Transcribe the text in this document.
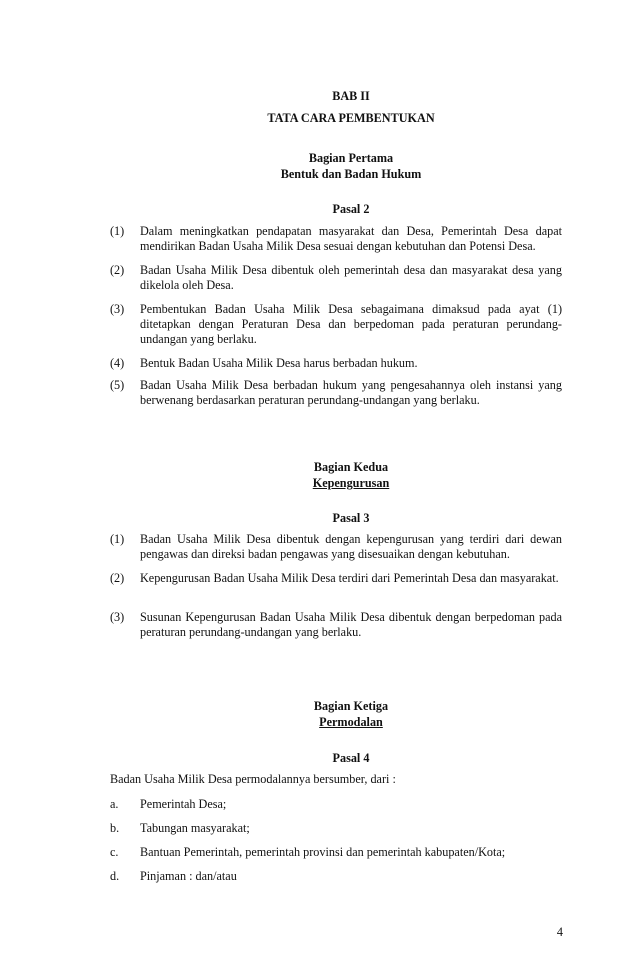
BAB II

TATA CARA PEMBENTUKAN

Bagian Pertama

Bentuk dan Badan Hukum

Pasal 2

(1)	Dalam meningkatkan pendapatan masyarakat dan Desa, Pemerintah Desa dapat mendirikan Badan Usaha Milik Desa sesuai dengan kebutuhan dan Potensi Desa.
(2)	Badan Usaha Milik Desa dibentuk oleh pemerintah desa dan masyarakat desa yang dikelola oleh Desa.
(3)	Pembentukan Badan Usaha Milik Desa sebagaimana dimaksud pada ayat (1) ditetapkan dengan Peraturan Desa dan berpedoman pada peraturan perundang-undangan yang berlaku.
(4)	Bentuk Badan Usaha Milik Desa harus berbadan hukum.
(5)	Badan Usaha Milik Desa berbadan hukum yang pengesahannya oleh instansi yang berwenang berdasarkan peraturan perundang-undangan yang berlaku.

Bagian Kedua

Kepengurusan

Pasal 3

(1)	Badan Usaha Milik Desa dibentuk dengan kepengurusan yang terdiri dari dewan pengawas dan direksi badan pengawas yang disesuaikan dengan kebutuhan.
(2)	Kepengurusan Badan Usaha Milik Desa terdiri dari Pemerintah Desa dan masyarakat.
(3)	Susunan Kepengurusan Badan Usaha Milik Desa dibentuk dengan berpedoman pada peraturan perundang-undangan yang berlaku.

Bagian Ketiga

Permodalan

Pasal 4

Badan Usaha Milik Desa permodalannya bersumber, dari :

a.	Pemerintah Desa;
b.	Tabungan masyarakat;
c.	Bantuan Pemerintah, pemerintah provinsi dan pemerintah kabupaten/Kota;
d.	Pinjaman : dan/atau

4
